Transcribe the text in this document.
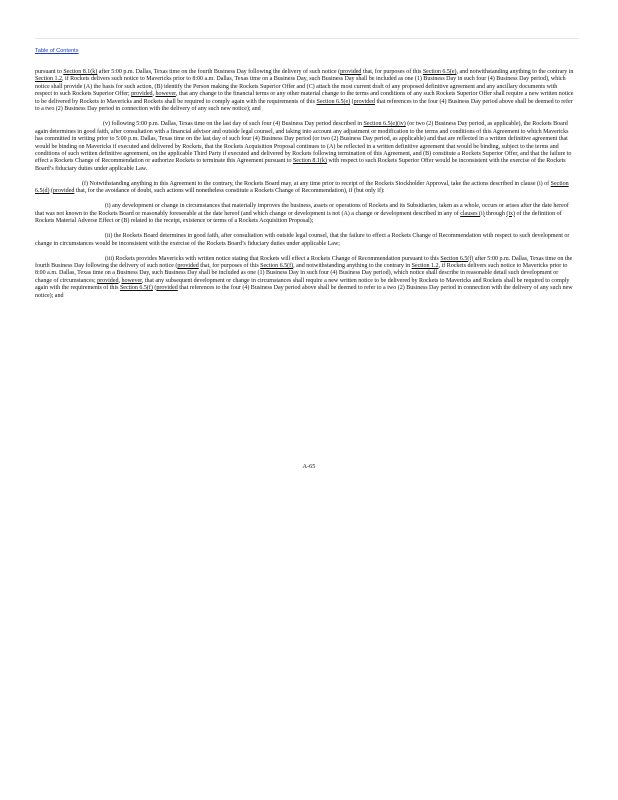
Table of Contents

pursuant to Section 8.1(k) after 5:00 p.m. Dallas, Texas time on the fourth Business Day following the delivery of such notice (provided that, for purposes of this Section 6.5(e), and notwithstanding anything to the contrary in Section 1.2, if Rockets delivers such notice to Mavericks prior to 8:00 a.m. Dallas, Texas time on a Business Day, such Business Day shall be included as one (1) Business Day in such four (4) Business Day period), which notice shall provide (A) the basis for such action, (B) identify the Person making the Rockets Superior Offer and (C) attach the most current draft of any proposed definitive agreement and any ancillary documents with respect to such Rockets Superior Offer; provided, however, that any change to the financial terms or any other material change to the terms and conditions of any such Rockets Superior Offer shall require a new written notice to be delivered by Rockets to Mavericks and Rockets shall be required to comply again with the requirements of this Section 6.5(e) (provided that references to the four (4) Business Day period above shall be deemed to refer to a two (2) Business Day period in connection with the delivery of any such new notice); and

(v) following 5:00 p.m. Dallas, Texas time on the last day of such four (4) Business Day period described in Section 6.5(e)(iv) (or two (2) Business Day period, as applicable), the Rockets Board again determines in good faith, after consultation with a financial advisor and outside legal counsel, and taking into account any adjustment or modification to the terms and conditions of this Agreement to which Mavericks has committed in writing prior to 5:00 p.m. Dallas, Texas time on the last day of such four (4) Business Day period (or two (2) Business Day period, as applicable) and that are reflected in a written definitive agreement that would be binding on Mavericks if executed and delivered by Rockets, that the Rockets Acquisition Proposal continues to (A) be reflected in a written definitive agreement that would be binding, subject to the terms and conditions of such written definitive agreement, on the applicable Third Party if executed and delivered by Rockets following termination of this Agreement, and (B) constitute a Rockets Superior Offer, and that the failure to effect a Rockets Change of Recommendation or authorize Rockets to terminate this Agreement pursuant to Section 8.1(k) with respect to such Rockets Superior Offer would be inconsistent with the exercise of the Rockets Board’s fiduciary duties under applicable Law.

(f) Notwithstanding anything in this Agreement to the contrary, the Rockets Board may, at any time prior to receipt of the Rockets Stockholder Approval, take the actions described in clause (i) of Section 6.5(d) (provided that, for the avoidance of doubt, such actions will nonetheless constitute a Rockets Change of Recommendation), if (but only if):

(i) any development or change in circumstances that materially improves the business, assets or operations of Rockets and its Subsidiaries, taken as a whole, occurs or arises after the date hereof that was not known to the Rockets Board or reasonably foreseeable at the date hereof (and which change or development is not (A) a change or development described in any of clauses (i) through (ix) of the definition of Rockets Material Adverse Effect or (B) related to the receipt, existence or terms of a Rockets Acquisition Proposal);

(ii) the Rockets Board determines in good faith, after consultation with outside legal counsel, that the failure to effect a Rockets Change of Recommendation with respect to such development or change in circumstances would be inconsistent with the exercise of the Rockets Board’s fiduciary duties under applicable Law;

(iii) Rockets provides Mavericks with written notice stating that Rockets will effect a Rockets Change of Recommendation pursuant to this Section 6.5(f) after 5:00 p.m. Dallas, Texas time on the fourth Business Day following the delivery of such notice (provided that, for purposes of this Section 6.5(f), and notwithstanding anything to the contrary in Section 1.2, if Rockets delivers such notice to Mavericks prior to 8:00 a.m. Dallas, Texas time on a Business Day, such Business Day shall be included as one (1) Business Day in such four (4) Business Day period), which notice shall describe in reasonable detail such development or change of circumstances; provided, however, that any subsequent development or change in circumstances shall require a new written notice to be delivered by Rockets to Mavericks and Rockets shall be required to comply again with the requirements of this Section 6.5(f) (provided that references to the four (4) Business Day period above shall be deemed to refer to a two (2) Business Day period in connection with the delivery of any such new notice); and

A-65
